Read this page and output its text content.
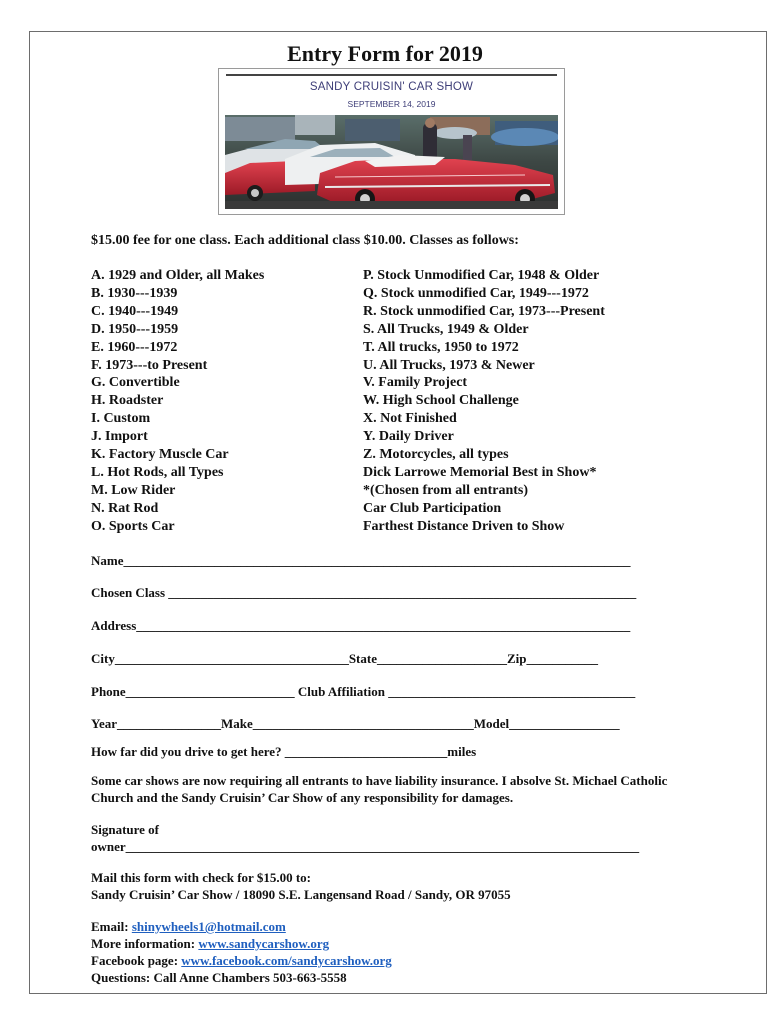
Entry Form for 2019
SANDY CRUISIN' CAR SHOW
SEPTEMBER 14, 2019

$15.00 fee for one class. Each additional class $10.00. Classes as follows:

A. 1929 and Older, all Makes
B. 1930---1939
C. 1940---1949
D. 1950---1959
E. 1960---1972
F. 1973---to Present
G. Convertible
H. Roadster
I. Custom
J. Import
K. Factory Muscle Car
L. Hot Rods, all Types
M. Low Rider
N. Rat Rod
O. Sports Car
P. Stock Unmodified Car, 1948 & Older
Q. Stock unmodified Car, 1949---1972
R. Stock unmodified Car, 1973---Present
S. All Trucks, 1949 & Older
T. All trucks, 1950 to 1972
U. All Trucks, 1973 & Newer
V. Family Project
W. High School Challenge
X. Not Finished
Y. Daily Driver
Z. Motorcycles, all types
Dick Larrowe Memorial Best in Show*
*(Chosen from all entrants)
Car Club Participation
Farthest Distance Driven to Show

Name______________________________________________________________________________

Chosen Class ________________________________________________________________________

Address____________________________________________________________________________

City____________________________________State____________________Zip___________

Phone__________________________ Club Affiliation ______________________________________

Year________________Make__________________________________Model_________________

How far did you drive to get here? _________________________miles

Some car shows are now requiring all entrants to have liability insurance. I absolve St. Michael Catholic Church and the Sandy Cruisin’ Car Show of any responsibility for damages.

Signature of
owner_______________________________________________________________________________

Mail this form with check for $15.00 to:
Sandy Cruisin’ Car Show / 18090 S.E. Langensand Road / Sandy, OR 97055

Email: shinywheels1@hotmail.com
More information: www.sandycarshow.org
Facebook page: www.facebook.com/sandycarshow.org
Questions: Call Anne Chambers 503-663-5558
